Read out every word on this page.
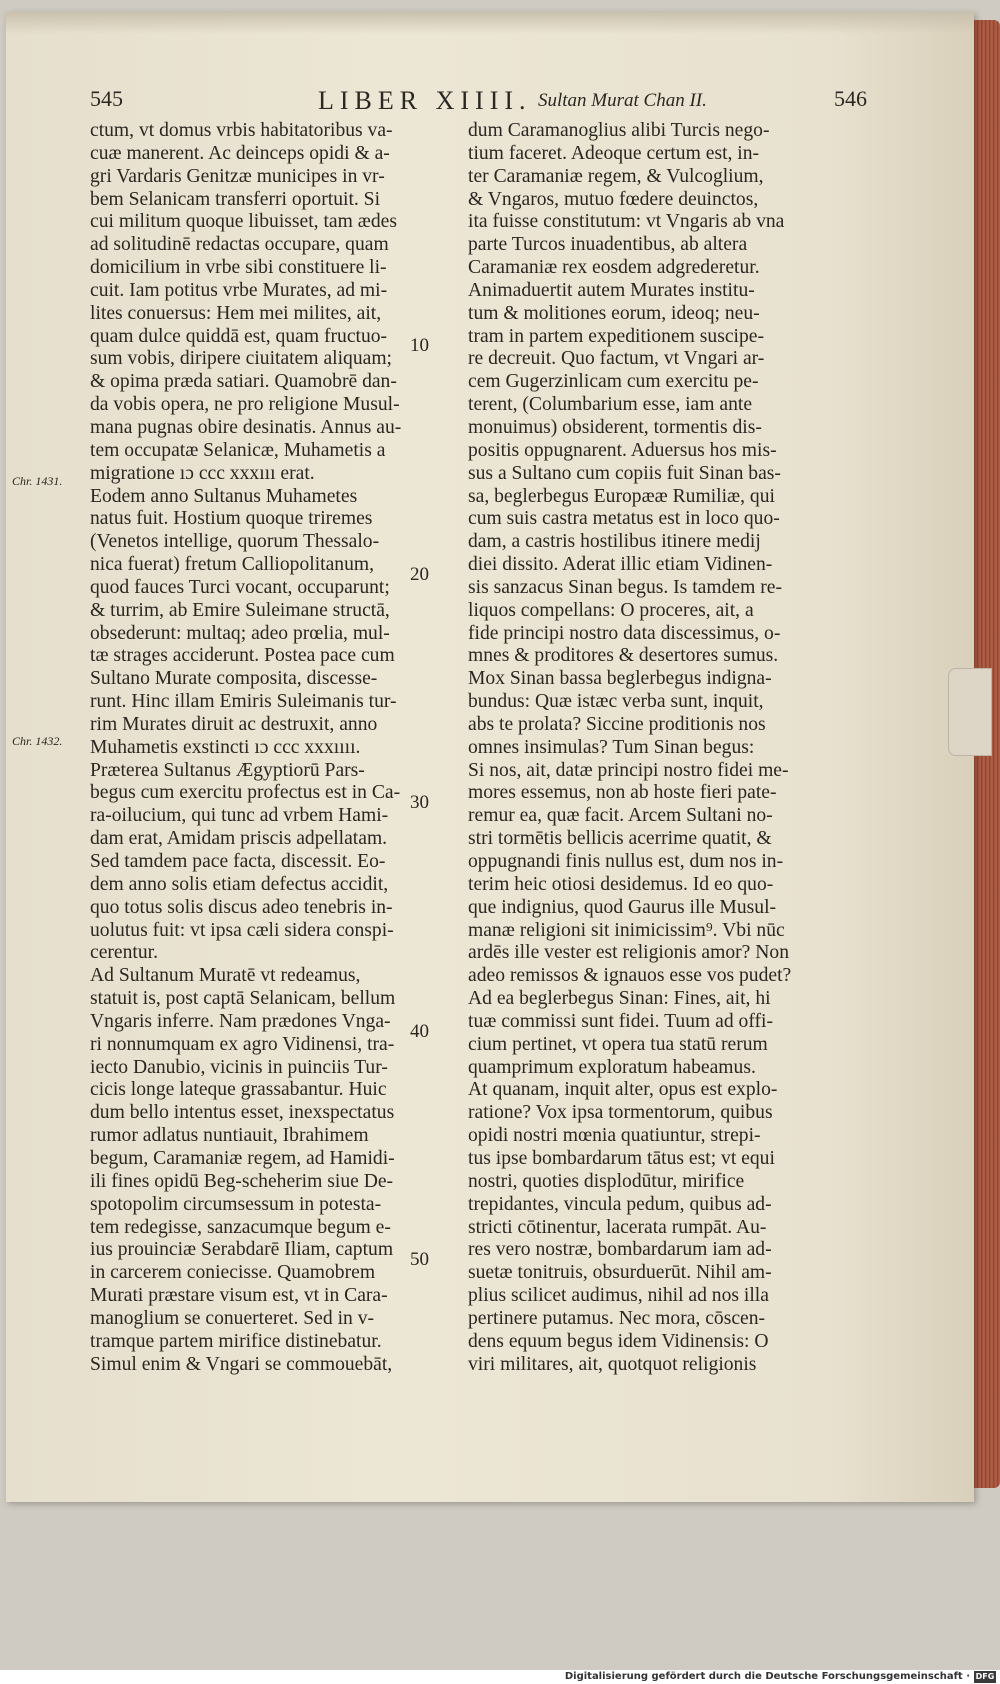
545	LIBER XIIII. Sultan Murat Chan II.	546
ctum, vt domus vrbis habitatoribus va-
cuæ manerent. Ac deinceps opidi & a-
gri Vardaris Genitzæ municipes in vr-
bem Selanicam transferri oportuit. Si
cui militum quoque libuisset, tam ædes
ad solitudinē redactas occupare, quam
domicilium in vrbe sibi constituere li-
cuit. Iam potitus vrbe Murates, ad mi-
lites conuersus: Hem mei milites, ait,
quam dulce quiddā est, quam fructuo-
sum vobis, diripere ciuitatem aliquam;
& opima præda satiari. Quamobrē dan-
da vobis opera, ne pro religione Musul-
mana pugnas obire desinatis. Annus au-
tem occupatæ Selanicæ, Muhametis a
migratione ıɔ ccc xxxııı erat.
Eodem anno Sultanus Muhametes
natus fuit. Hostium quoque triremes
(Venetos intellige, quorum Thessalo-
nica fuerat) fretum Calliopolitanum,
quod fauces Turci vocant, occuparunt;
& turrim, ab Emire Suleimane structā,
obsederunt: multaq; adeo prœlia, mul-
tæ strages acciderunt. Postea pace cum
Sultano Murate composita, discesse-
runt. Hinc illam Emiris Suleimanis tur-
rim Murates diruit ac destruxit, anno
Muhametis exstincti ıɔ ccc xxxıııı.
Præterea Sultanus Ægyptiorū Pars-
begus cum exercitu profectus est in Ca-
ra-oilucium, qui tunc ad vrbem Hami-
dam erat, Amidam priscis adpellatam.
Sed tamdem pace facta, discessit. Eo-
dem anno solis etiam defectus accidit,
quo totus solis discus adeo tenebris in-
uolutus fuit: vt ipsa cæli sidera conspi-
cerentur.
Ad Sultanum Muratē vt redeamus,
statuit is, post captā Selanicam, bellum
Vngaris inferre. Nam prædones Vnga-
ri nonnumquam ex agro Vidinensi, tra-
iecto Danubio, vicinis in puinciis Tur-
cicis longe lateque grassabantur. Huic
dum bello intentus esset, inexspectatus
rumor adlatus nuntiauit, Ibrahimem
begum, Caramaniæ regem, ad Hamidi-
ili fines opidū Beg-scheherim siue De-
spotopolim circumsessum in potesta-
tem redegisse, sanzacumque begum e-
ius prouinciæ Serabdarē Iliam, captum
in carcerem coniecisse. Quamobrem
Murati præstare visum est, vt in Cara-
manoglium se conuerteret. Sed in v-
tramque partem mirifice distinebatur.
Simul enim & Vngari se commouebāt,
dum Caramanoglius alibi Turcis nego-
tium faceret. Adeoque certum est, in-
ter Caramaniæ regem, & Vulcoglium,
& Vngaros, mutuo fœdere deuinctos,
ita fuisse constitutum: vt Vngaris ab vna
parte Turcos inuadentibus, ab altera
Caramaniæ rex eosdem adgrederetur.
Animaduertit autem Murates institu-
tum & molitiones eorum, ideoq; neu-
tram in partem expeditionem suscipe-
re decreuit. Quo factum, vt Vngari ar-
cem Gugerzinlicam cum exercitu pe-
terent, (Columbarium esse, iam ante
monuimus) obsiderent, tormentis dis-
positis oppugnarent. Aduersus hos mis-
sus a Sultano cum copiis fuit Sinan bas-
sa, beglerbegus Europææ Rumiliæ, qui
cum suis castra metatus est in loco quo-
dam, a castris hostilibus itinere medij
diei dissito. Aderat illic etiam Vidinen-
sis sanzacus Sinan begus. Is tamdem re-
liquos compellans: O proceres, ait, a
fide principi nostro data discessimus, o-
mnes & proditores & desertores sumus.
Mox Sinan bassa beglerbegus indigna-
bundus: Quæ istæc verba sunt, inquit,
abs te prolata? Siccine proditionis nos
omnes insimulas? Tum Sinan begus:
Si nos, ait, datæ principi nostro fidei me-
mores essemus, non ab hoste fieri pate-
remur ea, quæ facit. Arcem Sultani no-
stri tormētis bellicis acerrime quatit, &
oppugnandi finis nullus est, dum nos in-
terim heic otiosi desidemus. Id eo quo-
que indignius, quod Gaurus ille Musul-
manæ religioni sit inimicissim⁹. Vbi nūc
ardēs ille vester est religionis amor? Non
adeo remissos & ignauos esse vos pudet?
Ad ea beglerbegus Sinan: Fines, ait, hi
tuæ commissi sunt fidei. Tuum ad offi-
cium pertinet, vt opera tua statū rerum
quamprimum exploratum habeamus.
At quanam, inquit alter, opus est explo-
ratione? Vox ipsa tormentorum, quibus
opidi nostri mœnia quatiuntur, strepi-
tus ipse bombardarum tātus est; vt equi
nostri, quoties displodūtur, mirifice
trepidantes, vincula pedum, quibus ad-
stricti cōtinentur, lacerata rumpāt. Au-
res vero nostræ, bombardarum iam ad-
suetæ tonitruis, obsurduerūt. Nihil am-
plius scilicet audimus, nihil ad nos illa
pertinere putamus. Nec mora, cōscen-
dens equum begus idem Vidinensis: O
viri militares, ait, quotquot religionis
10
20
30
40
50
Chr. 1431.
Chr. 1432.
Digitalisierung gefördert durch die Deutsche Forschungsgemeinschaft · DFG
